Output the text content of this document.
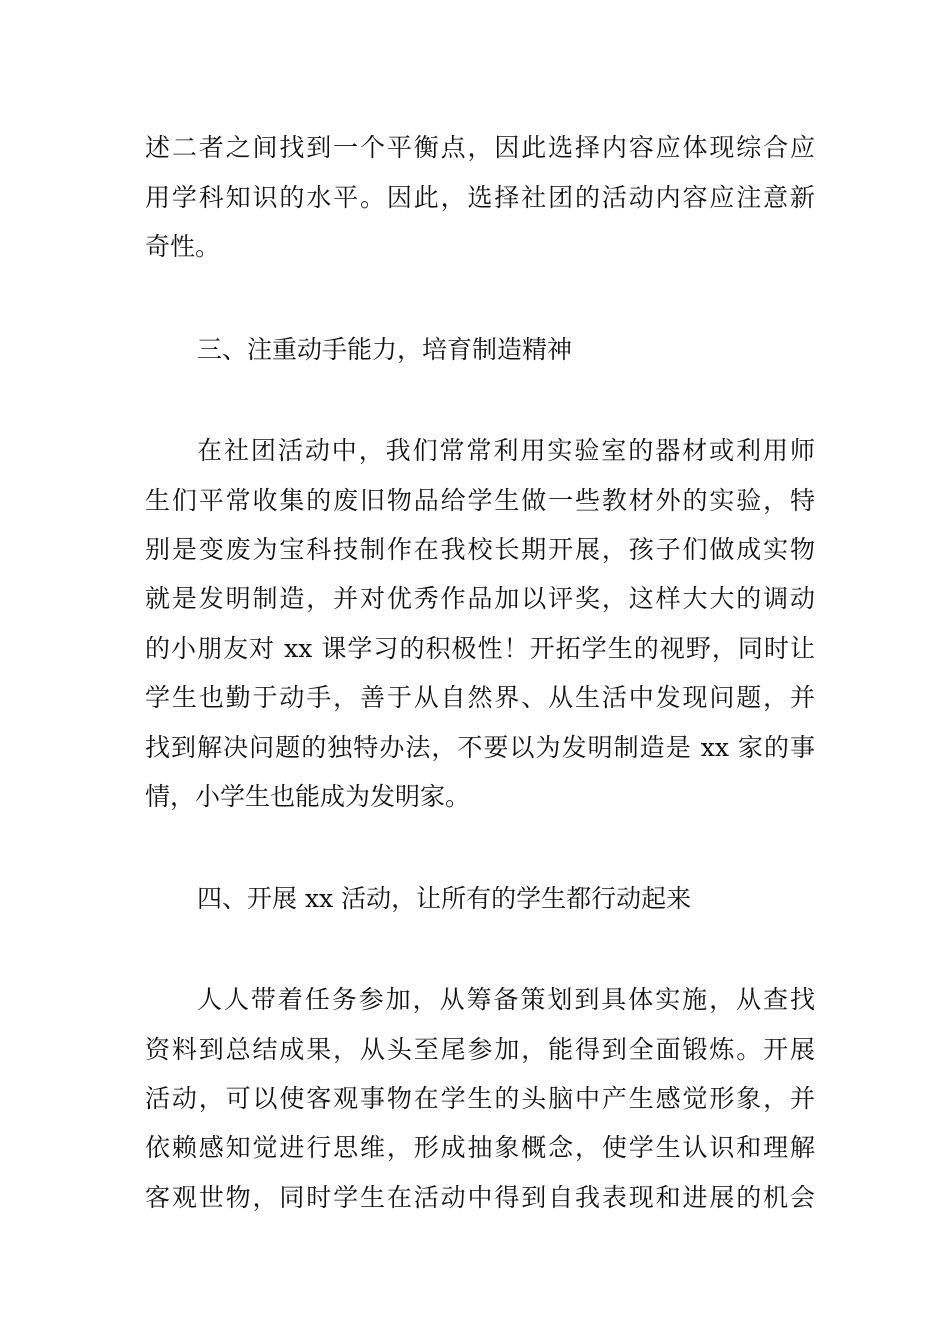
述二者之间找到一个平衡点，因此选择内容应体现综合应
用学科知识的水平。因此，选择社团的活动内容应注意新
奇性。
三、注重动手能力，培育制造精神
在社团活动中，我们常常利用实验室的器材或利用师
生们平常收集的废旧物品给学生做一些教材外的实验，特
别是变废为宝科技制作在我校长期开展，孩子们做成实物
就是发明制造，并对优秀作品加以评奖，这样大大的调动
的小朋友对 xx 课学习的积极性！开拓学生的视野，同时让
学生也勤于动手，善于从自然界、从生活中发现问题，并
找到解决问题的独特办法，不要以为发明制造是 xx 家的事
情，小学生也能成为发明家。
四、开展 xx 活动，让所有的学生都行动起来
人人带着任务参加，从筹备策划到具体实施，从查找
资料到总结成果，从头至尾参加，能得到全面锻炼。开展
活动，可以使客观事物在学生的头脑中产生感觉形象，并
依赖感知觉进行思维，形成抽象概念，使学生认识和理解
客观世物，同时学生在活动中得到自我表现和进展的机会
